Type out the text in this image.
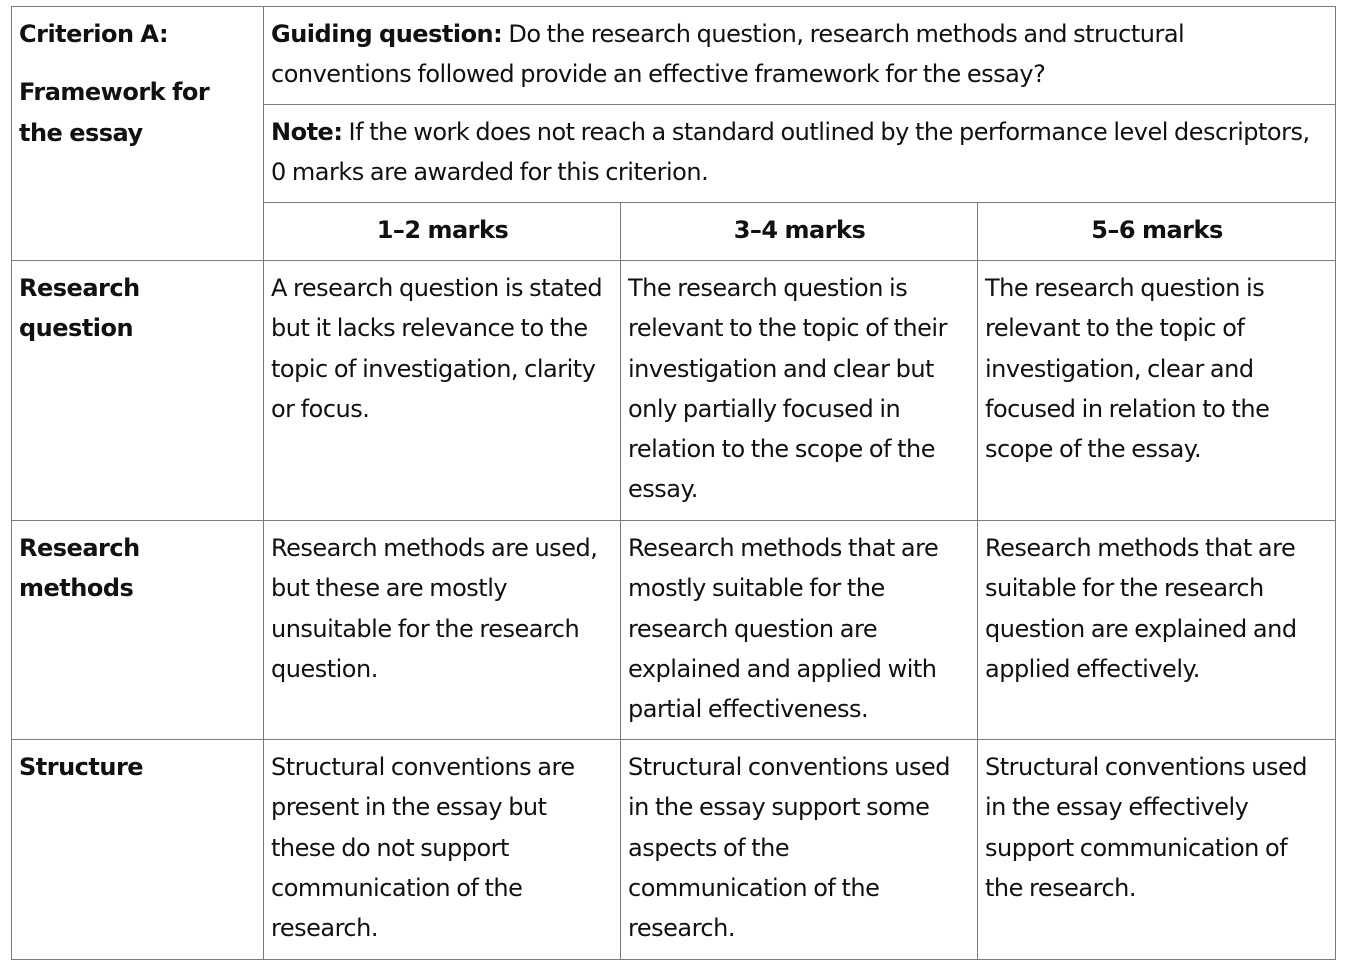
Criterion A:
Framework for
the essay	Guiding question: Do the research question, research methods and structural conventions followed provide an effective framework for the essay?		
	Note: If the work does not reach a standard outlined by the performance level descriptors, 0 marks are awarded for this criterion.		
	1–2 marks	3–4 marks	5–6 marks
Research
question	A research question is stated but it lacks relevance to the topic of investigation, clarity or focus.	The research question is relevant to the topic of their investigation and clear but only partially focused in relation to the scope of the essay.	The research question is relevant to the topic of investigation, clear and focused in relation to the scope of the essay.
Research
methods	Research methods are used, but these are mostly unsuitable for the research question.	Research methods that are mostly suitable for the research question are explained and applied with partial effectiveness.	Research methods that are suitable for the research question are explained and applied effectively.
Structure	Structural conventions are present in the essay but these do not support communication of the research.	Structural conventions used in the essay support some aspects of the communication of the research.	Structural conventions used in the essay effectively support communication of the research.
